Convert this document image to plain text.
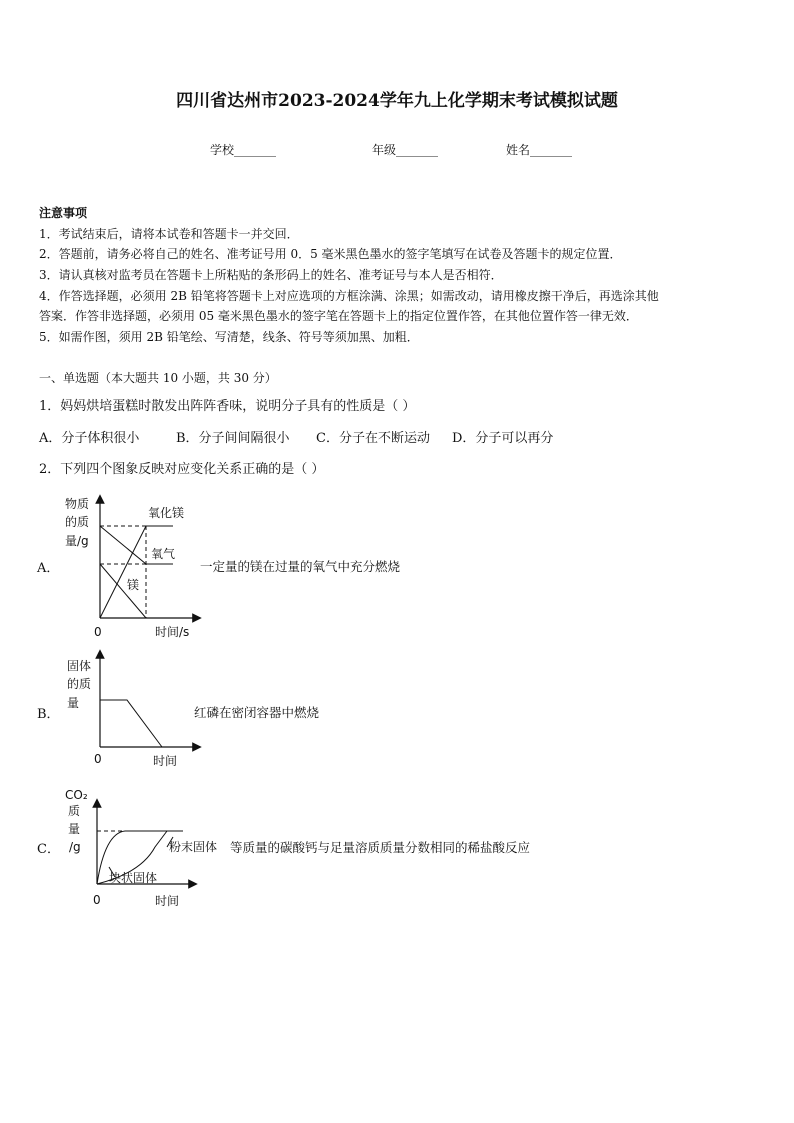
四川省达州市2023-2024学年九上化学期末考试模拟试题
学校_______	年级_______	姓名_______
注意事项
1．考试结束后，请将本试卷和答题卡一并交回．
2．答题前，请务必将自己的姓名、准考证号用 0．5 毫米黑色墨水的签字笔填写在试卷及答题卡的规定位置．
3．请认真核对监考员在答题卡上所粘贴的条形码上的姓名、准考证号与本人是否相符．
4．作答选择题，必须用 2B 铅笔将答题卡上对应选项的方框涂满、涂黑；如需改动，请用橡皮擦干净后，再选涂其他
答案．作答非选择题，必须用 05 毫米黑色墨水的签字笔在答题卡上的指定位置作答，在其他位置作答一律无效．
5．如需作图，须用 2B 铅笔绘、写清楚，线条、符号等须加黑、加粗．
一、单选题（本大题共 10 小题，共 30 分）
1．妈妈烘培蛋糕时散发出阵阵香味，说明分子具有的性质是（ ）
A．分子体积很小	B．分子间间隔很小 C．分子在不断运动 D．分子可以再分
2．下列四个图象反映对应变化关系正确的是（ ）
A．
物质
的质
量/g
氧化镁
氧气
镁
0	时间/s
一定量的镁在过量的氧气中充分燃烧
B．
固体
的质
量
0	时间
红磷在密闭容器中燃烧
C．
CO₂
质
量
/g	粉末固体
块状固体
0	时间
等质量的碳酸钙与足量溶质质量分数相同的稀盐酸反应
